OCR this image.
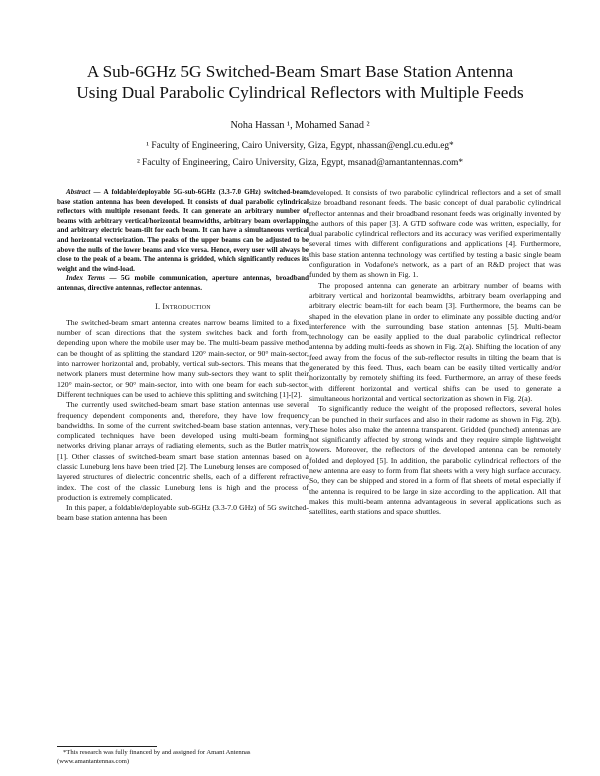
A Sub-6GHz 5G Switched-Beam Smart Base Station Antenna
Using Dual Parabolic Cylindrical Reflectors with Multiple Feeds
Noha Hassan ¹, Mohamed Sanad ²
¹ Faculty of Engineering, Cairo University, Giza, Egypt, nhassan@engl.cu.edu.eg*
² Faculty of Engineering, Cairo University, Giza, Egypt, msanad@amantantennas.com*

Abstract — A foldable/deployable 5G-sub-6GHz (3.3-7.0 GHz) switched-beam base station antenna has been developed. It consists of dual parabolic cylindrical reflectors with multiple resonant feeds. It can generate an arbitrary number of beams with arbitrary vertical/horizontal beamwidths, arbitrary beam overlapping and arbitrary electric beam-tilt for each beam. It can have a simultaneous vertical and horizontal vectorization. The peaks of the upper beams can be adjusted to be above the nulls of the lower beams and vice versa. Hence, every user will always be close to the peak of a beam. The antenna is gridded, which significantly reduces its weight and the wind-load.

Index Terms — 5G mobile communication, aperture antennas, broadband antennas, directive antennas, reflector antennas.

I. Introduction

The switched-beam smart antenna creates narrow beams limited to a fixed number of scan directions that the system switches back and forth from, depending upon where the mobile user may be. The multi-beam passive method can be thought of as splitting the standard 120° main-sector, or 90° main-sector, into narrower horizontal and, probably, vertical sub-sectors. This means that the network planers must determine how many sub-sectors they want to split their 120° main-sector, or 90° main-sector, into with one beam for each sub-sector. Different techniques can be used to achieve this splitting and switching [1]-[2].

The currently used switched-beam smart base station antennas use several frequency dependent components and, therefore, they have low frequency bandwidths. In some of the current switched-beam base station antennas, very complicated techniques have been developed using multi-beam forming networks driving planar arrays of radiating elements, such as the Butler matrix [1]. Other classes of switched-beam smart base station antennas based on a classic Luneburg lens have been tried [2]. The Luneburg lenses are composed of layered structures of dielectric concentric shells, each of a different refractive index. The cost of the classic Luneburg lens is high and the process of production is extremely complicated.

In this paper, a foldable/deployable sub-6GHz (3.3-7.0 GHz) of 5G switched-beam base station antenna has been

developed. It consists of two parabolic cylindrical reflectors and a set of small size broadband resonant feeds. The basic concept of dual parabolic cylindrical reflector antennas and their broadband resonant feeds was originally invented by the authors of this paper [3]. A GTD software code was written, especially, for dual parabolic cylindrical reflectors and its accuracy was verified experimentally several times with different configurations and applications [4]. Furthermore, this base station antenna technology was certified by testing a basic single beam configuration in Vodafone's network, as a part of an R&D project that was funded by them as shown in Fig. 1.

The proposed antenna can generate an arbitrary number of beams with arbitrary vertical and horizontal beamwidths, arbitrary beam overlapping and arbitrary electric beam-tilt for each beam [3]. Furthermore, the beams can be shaped in the elevation plane in order to eliminate any possible ducting and/or interference with the surrounding base station antennas [5]. Multi-beam technology can be easily applied to the dual parabolic cylindrical reflector antenna by adding multi-feeds as shown in Fig. 2(a). Shifting the location of any feed away from the focus of the sub-reflector results in tilting the beam that is generated by this feed. Thus, each beam can be easily tilted vertically and/or horizontally by remotely shifting its feed. Furthermore, an array of these feeds with different horizontal and vertical shifts can be used to generate a simultaneous horizontal and vertical sectorization as shown in Fig. 2(a).

To significantly reduce the weight of the proposed reflectors, several holes can be punched in their surfaces and also in their radome as shown in Fig. 2(b). These holes also make the antenna transparent. Gridded (punched) antennas are not significantly affected by strong winds and they require simple lightweight towers. Moreover, the reflectors of the developed antenna can be remotely folded and deployed [5]. In addition, the parabolic cylindrical reflectors of the new antenna are easy to form from flat sheets with a very high surface accuracy. So, they can be shipped and stored in a form of flat sheets of metal especially if the antenna is required to be large in size according to the application. All that makes this multi-beam antenna advantageous in several applications such as satellites, earth stations and space shuttles.

*This research was fully financed by and assigned for Amant Antennas (www.amantantennas.com)
